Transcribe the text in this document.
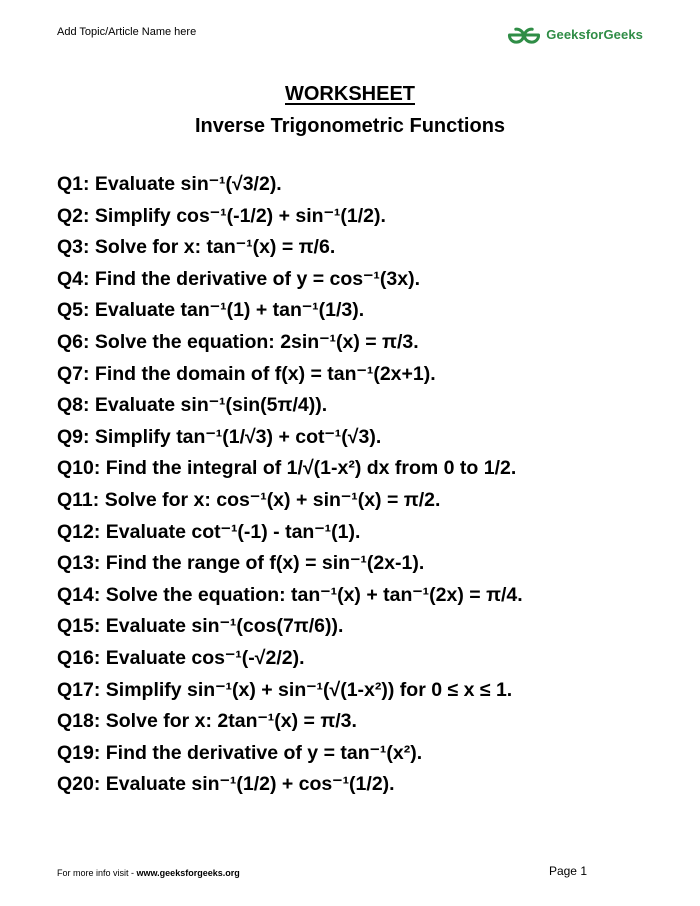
Add Topic/Article Name here	GeeksforGeeks
WORKSHEET
Inverse Trigonometric Functions
Q1: Evaluate sin⁻¹(√3/2).
Q2: Simplify cos⁻¹(-1/2) + sin⁻¹(1/2).
Q3: Solve for x: tan⁻¹(x) = π/6.
Q4: Find the derivative of y = cos⁻¹(3x).
Q5: Evaluate tan⁻¹(1) + tan⁻¹(1/3).
Q6: Solve the equation: 2sin⁻¹(x) = π/3.
Q7: Find the domain of f(x) = tan⁻¹(2x+1).
Q8: Evaluate sin⁻¹(sin(5π/4)).
Q9: Simplify tan⁻¹(1/√3) + cot⁻¹(√3).
Q10: Find the integral of 1/√(1-x²) dx from 0 to 1/2.
Q11: Solve for x: cos⁻¹(x) + sin⁻¹(x) = π/2.
Q12: Evaluate cot⁻¹(-1) - tan⁻¹(1).
Q13: Find the range of f(x) = sin⁻¹(2x-1).
Q14: Solve the equation: tan⁻¹(x) + tan⁻¹(2x) = π/4.
Q15: Evaluate sin⁻¹(cos(7π/6)).
Q16: Evaluate cos⁻¹(-√2/2).
Q17: Simplify sin⁻¹(x) + sin⁻¹(√(1-x²)) for 0 ≤ x ≤ 1.
Q18: Solve for x: 2tan⁻¹(x) = π/3.
Q19: Find the derivative of y = tan⁻¹(x²).
Q20: Evaluate sin⁻¹(1/2) + cos⁻¹(1/2).
For more info visit - www.geeksforgeeks.org	Page 1
